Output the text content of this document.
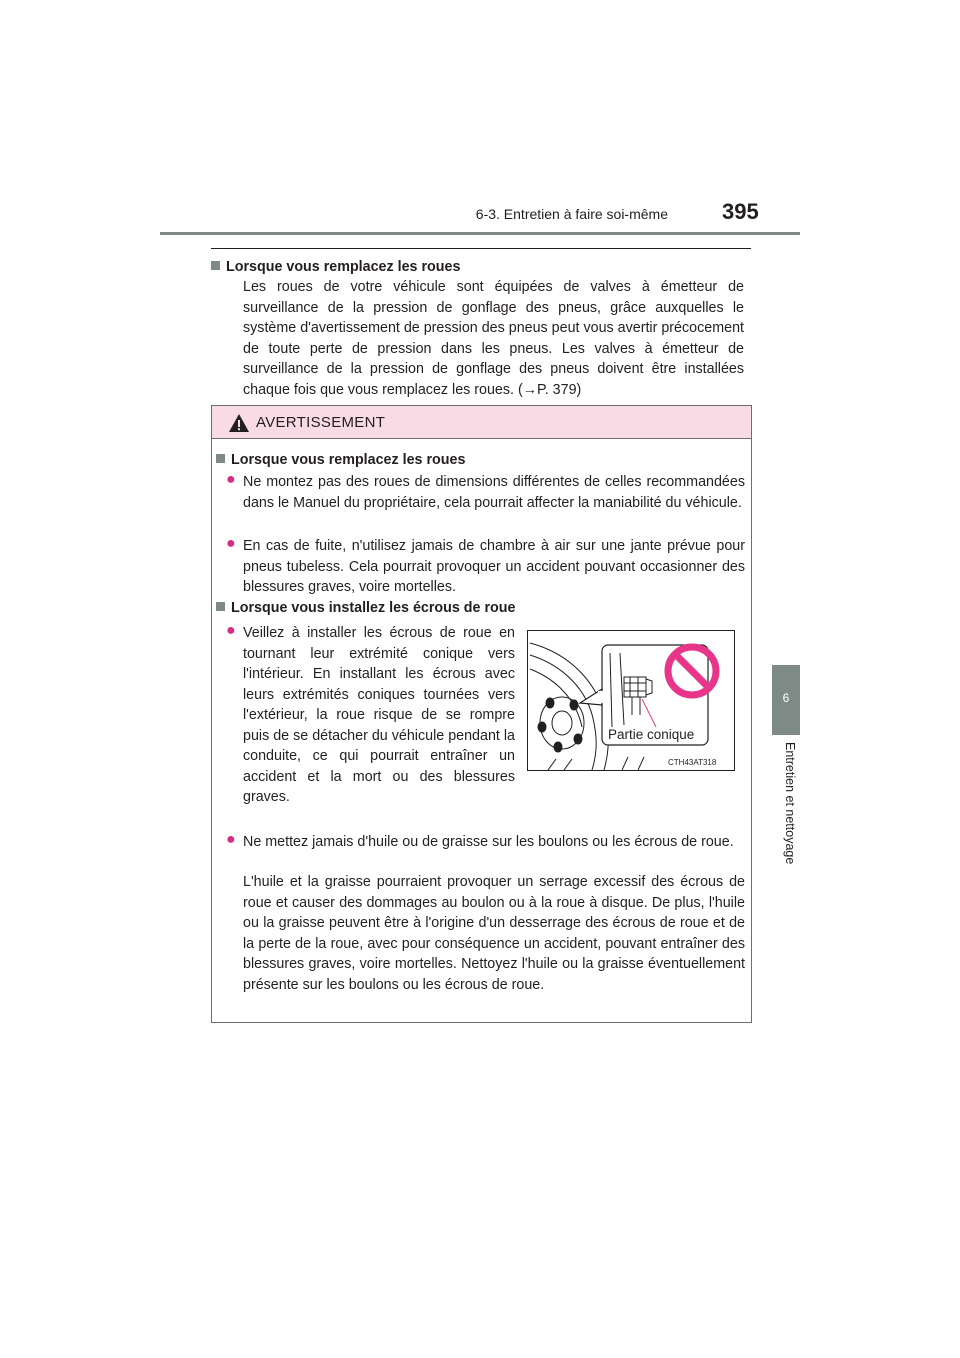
6-3. Entretien à faire soi-même 395
6
Entretien et nettoyage
Lorsque vous remplacez les roues
Les roues de votre véhicule sont équipées de valves à émetteur de surveillance de la pression de gonflage des pneus, grâce auxquelles le système d'avertissement de pression des pneus peut vous avertir précocement de toute perte de pression dans les pneus. Les valves à émetteur de surveillance de la pression de gonflage des pneus doivent être installées chaque fois que vous remplacez les roues. (→P. 379)
AVERTISSEMENT
Lorsque vous remplacez les roues
● Ne montez pas des roues de dimensions différentes de celles recommandées dans le Manuel du propriétaire, cela pourrait affecter la maniabilité du véhicule.
● En cas de fuite, n'utilisez jamais de chambre à air sur une jante prévue pour pneus tubeless. Cela pourrait provoquer un accident pouvant occasionner des blessures graves, voire mortelles.
Lorsque vous installez les écrous de roue
● Veillez à installer les écrous de roue en tournant leur extrémité conique vers l'intérieur. En installant les écrous avec leurs extrémités coniques tournées vers l'extérieur, la roue risque de se rompre puis de se détacher du véhicule pendant la conduite, ce qui pourrait entraîner un accident et la mort ou des blessures graves.
Partie conique
CTH43AT318
● Ne mettez jamais d'huile ou de graisse sur les boulons ou les écrous de roue.
L'huile et la graisse pourraient provoquer un serrage excessif des écrous de roue et causer des dommages au boulon ou à la roue à disque. De plus, l'huile ou la graisse peuvent être à l'origine d'un desserrage des écrous de roue et de la perte de la roue, avec pour conséquence un accident, pouvant entraîner des blessures graves, voire mortelles. Nettoyez l'huile ou la graisse éventuellement présente sur les boulons ou les écrous de roue.
